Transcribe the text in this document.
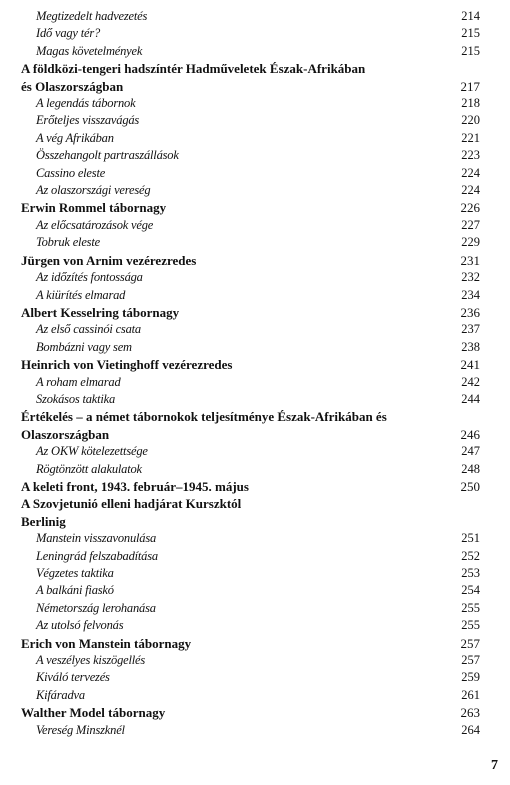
Megtizedelt hadvezetés	214
Idő vagy tér?	215
Magas követelmények	215
A földközi-tengeri hadszíntér Hadműveletek Észak-Afrikában
és Olaszországban	217
A legendás tábornok	218
Erőteljes visszavágás	220
A vég Afrikában	221
Összehangolt partraszállások	223
Cassino eleste	224
Az olaszországi vereség	224
Erwin Rommel tábornagy	226
Az előcsatározások vége	227
Tobruk eleste	229
Jürgen von Arnim vezérezredes	231
Az időzítés fontossága	232
A kiürítés elmarad	234
Albert Kesselring tábornagy	236
Az első cassinói csata	237
Bombázni vagy sem	238
Heinrich von Vietinghoff vezérezredes	241
A roham elmarad	242
Szokásos taktika	244
Értékelés – a német tábornokok teljesítménye Észak-Afrikában és
Olaszországban	246
Az OKW kötelezettsége	247
Rögtönzött alakulatok	248
A keleti front, 1943. február–1945. május	250
A Szovjetunió elleni hadjárat Kurszktól
Berlinig
Manstein visszavonulása	251
Leningrád felszabadítása	252
Végzetes taktika	253
A balkáni fiaskó	254
Németország lerohanása	255
Az utolsó felvonás	255
Erich von Manstein tábornagy	257
A veszélyes kiszögellés	257
Kiváló tervezés	259
Kifáradva	261
Walther Model tábornagy	263
Vereség Minszknél	264
7
